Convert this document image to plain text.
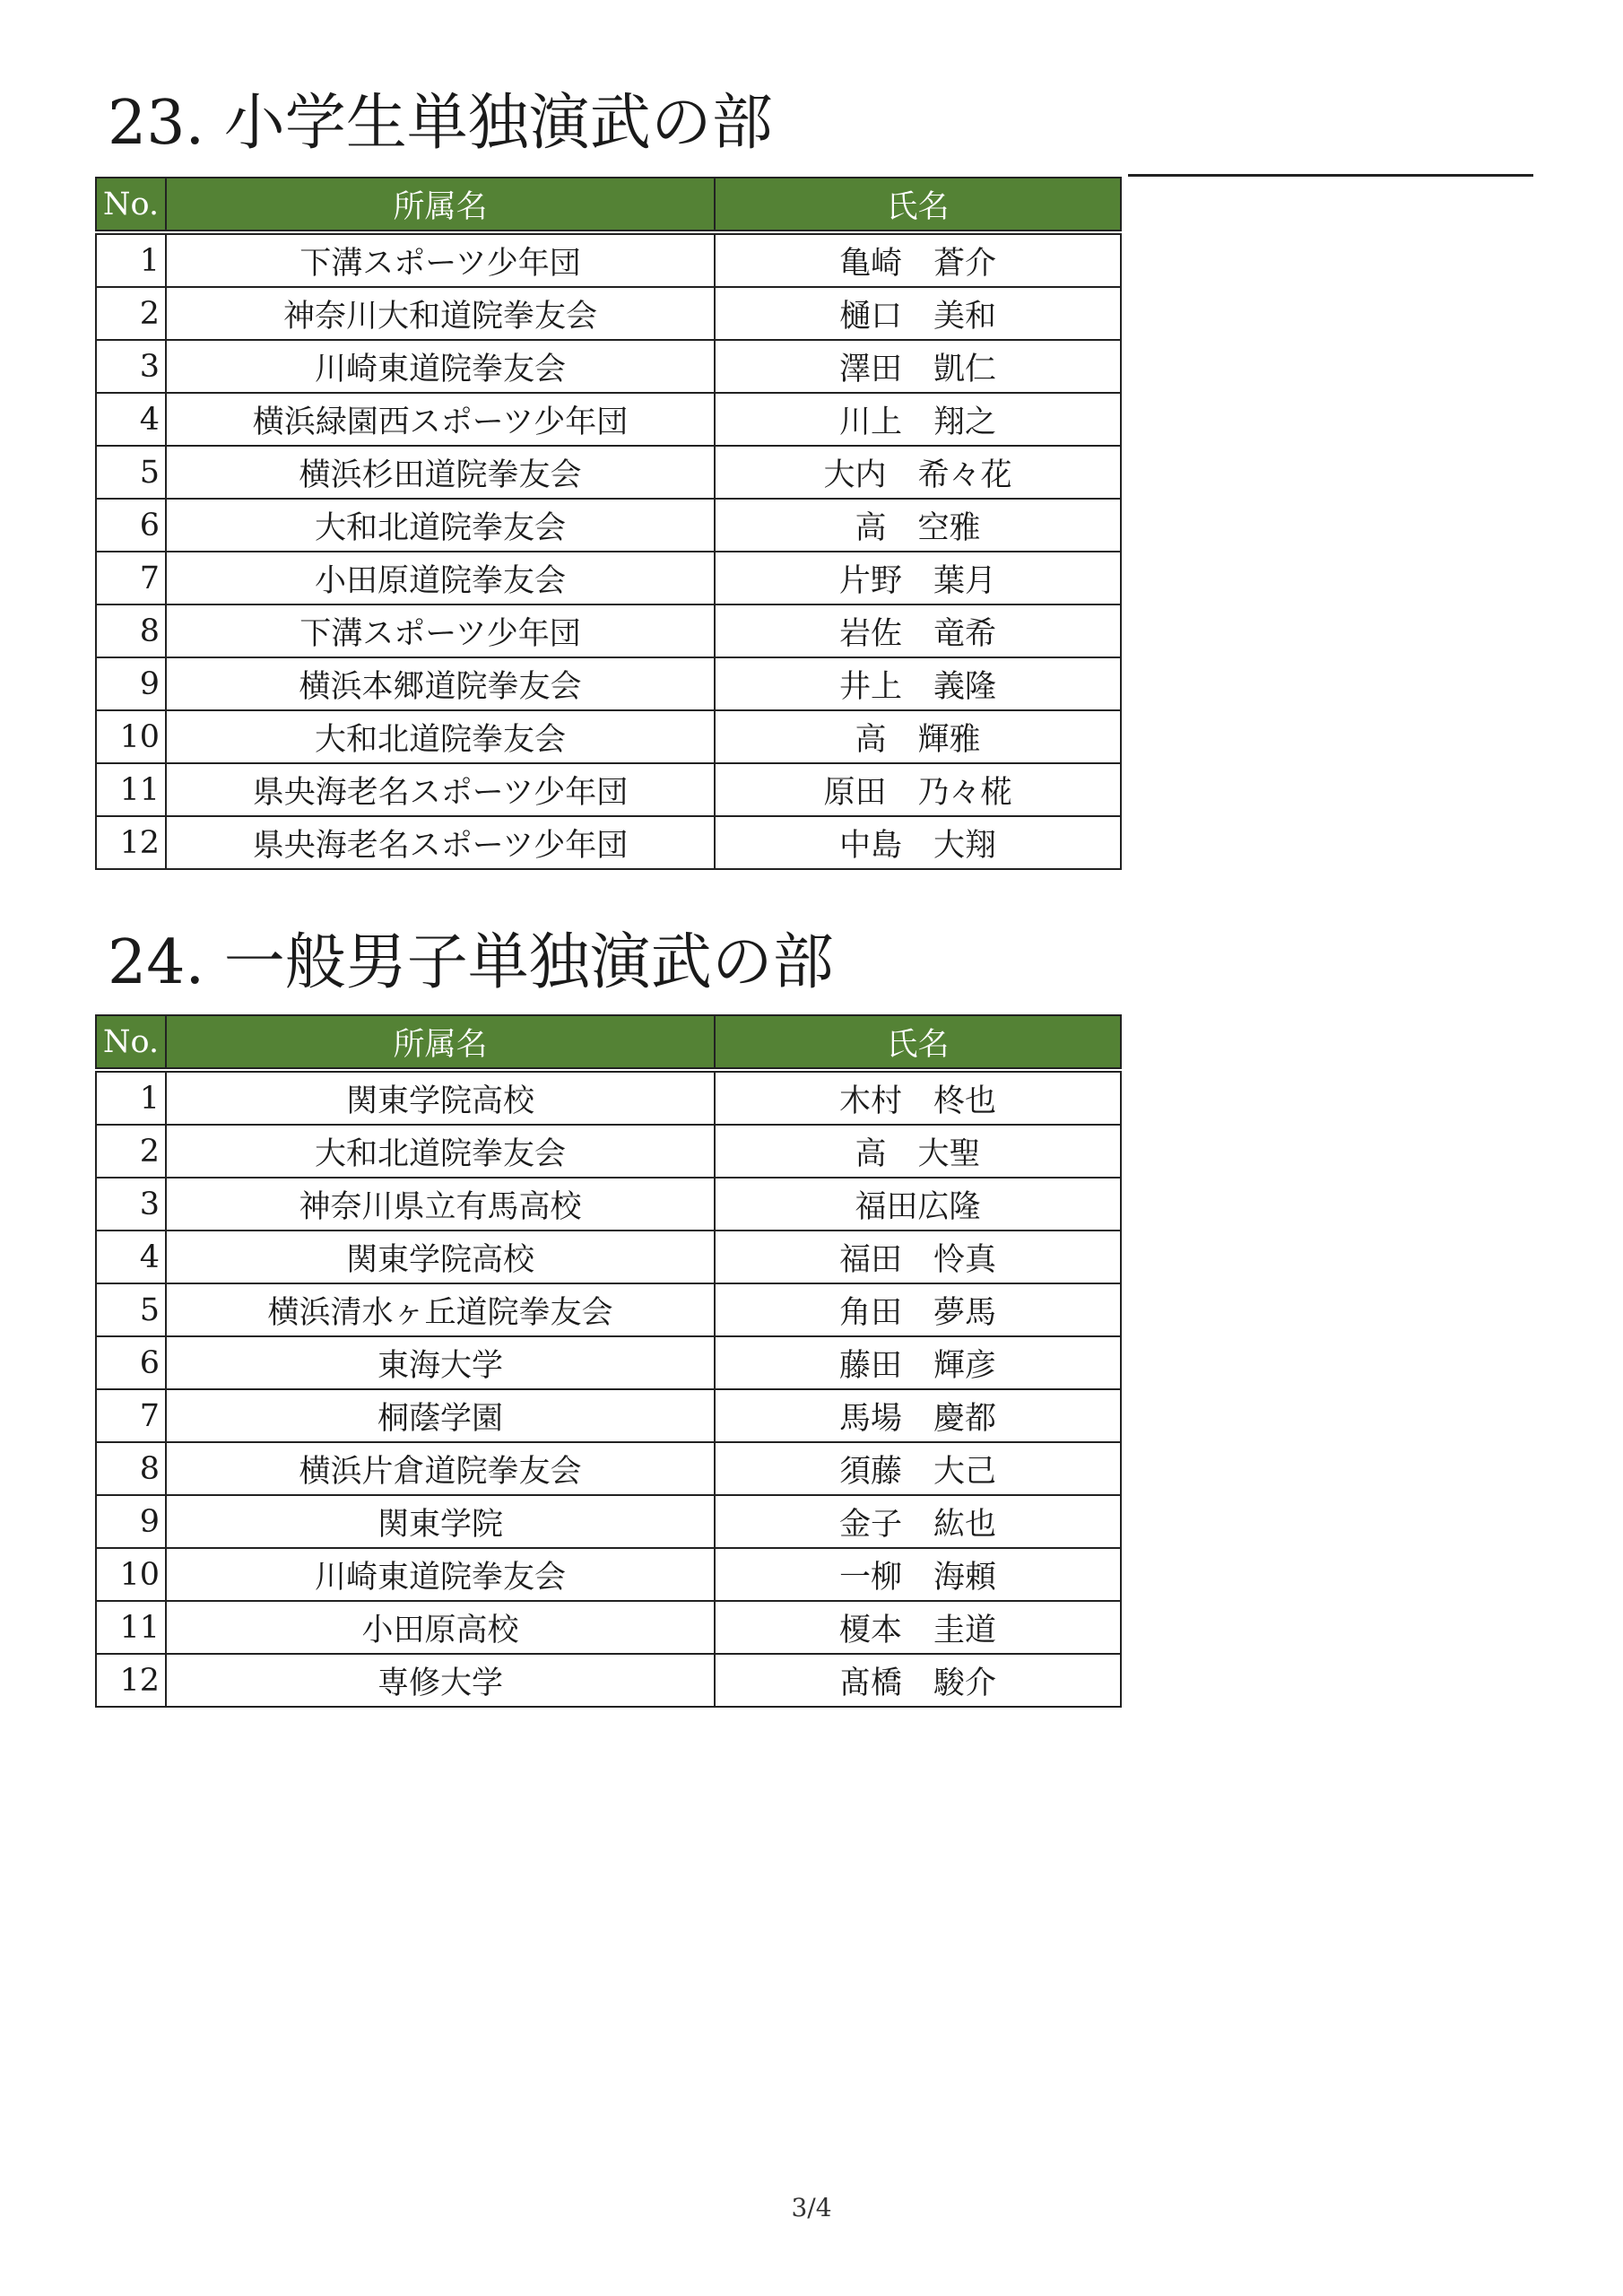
23. 小学生単独演武の部
No.	所属名	氏名
1	下溝スポーツ少年団	亀崎　蒼介
2	神奈川大和道院拳友会	樋口　美和
3	川崎東道院拳友会	澤田　凱仁
4	横浜緑園西スポーツ少年団	川上　翔之
5	横浜杉田道院拳友会	大内　希々花
6	大和北道院拳友会	高　空雅
7	小田原道院拳友会	片野　葉月
8	下溝スポーツ少年団	岩佐　竜希
9	横浜本郷道院拳友会	井上　義隆
10	大和北道院拳友会	高　輝雅
11	県央海老名スポーツ少年団	原田　乃々椛
12	県央海老名スポーツ少年団	中島　大翔
24. 一般男子単独演武の部
No.	所属名	氏名
1	関東学院高校	木村　柊也
2	大和北道院拳友会	高　大聖
3	神奈川県立有馬高校	福田広隆
4	関東学院高校	福田　怜真
5	横浜清水ヶ丘道院拳友会	角田　夢馬
6	東海大学	藤田　輝彦
7	桐蔭学園	馬場　慶都
8	横浜片倉道院拳友会	須藤　大己
9	関東学院	金子　紘也
10	川崎東道院拳友会	一柳　海頼
11	小田原高校	榎本　圭道
12	専修大学	髙橋　駿介
3/4
